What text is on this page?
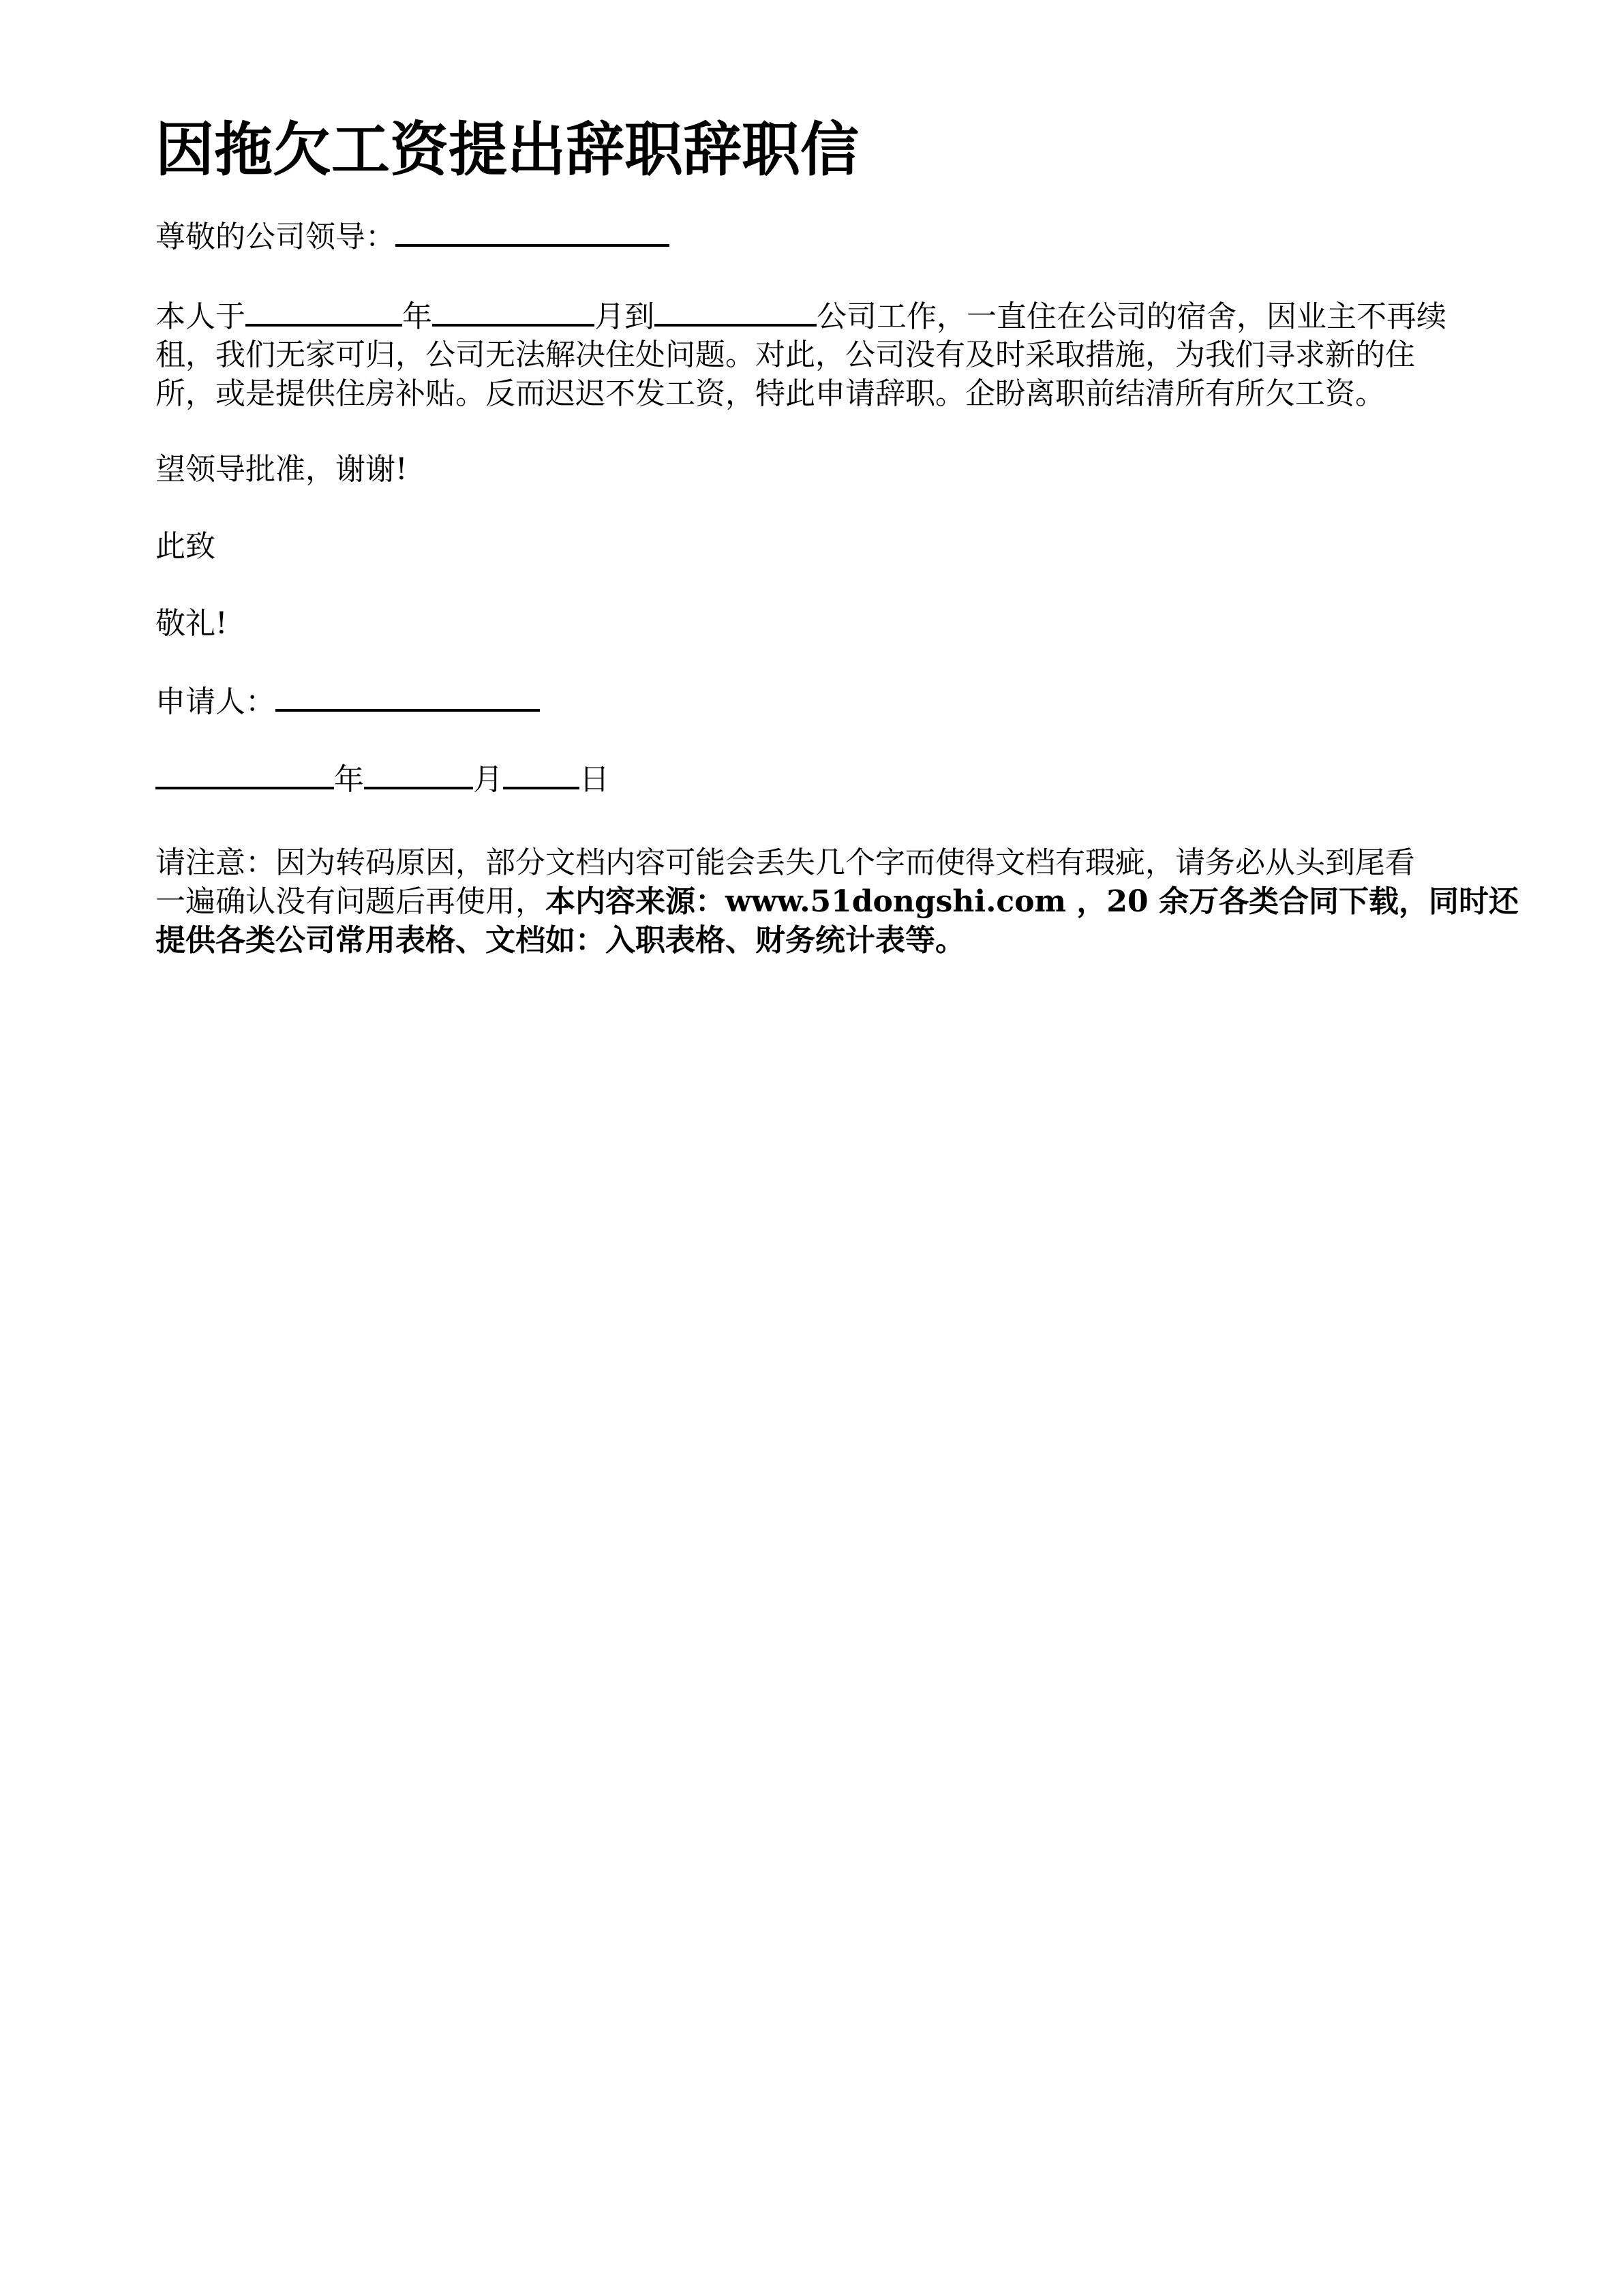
因拖欠工资提出辞职辞职信
尊敬的公司领导：
本人于	年	月到	公司工作，一直住在公司的宿舍，因业主不再续
租，我们无家可归，公司无法解决住处问题。对此，公司没有及时采取措施，为我们寻求新的住
所，或是提供住房补贴。反而迟迟不发工资，特此申请辞职。企盼离职前结清所有所欠工资。
望领导批准，谢谢!
此致
敬礼!
申请人：
年	月	日
请注意：因为转码原因，部分文档内容可能会丢失几个字而使得文档有瑕疵，请务必从头到尾看
一遍确认没有问题后再使用，本内容来源：www.51dongshi.com ，20 余万各类合同下载，同时还
提供各类公司常用表格、文档如：入职表格、财务统计表等。
